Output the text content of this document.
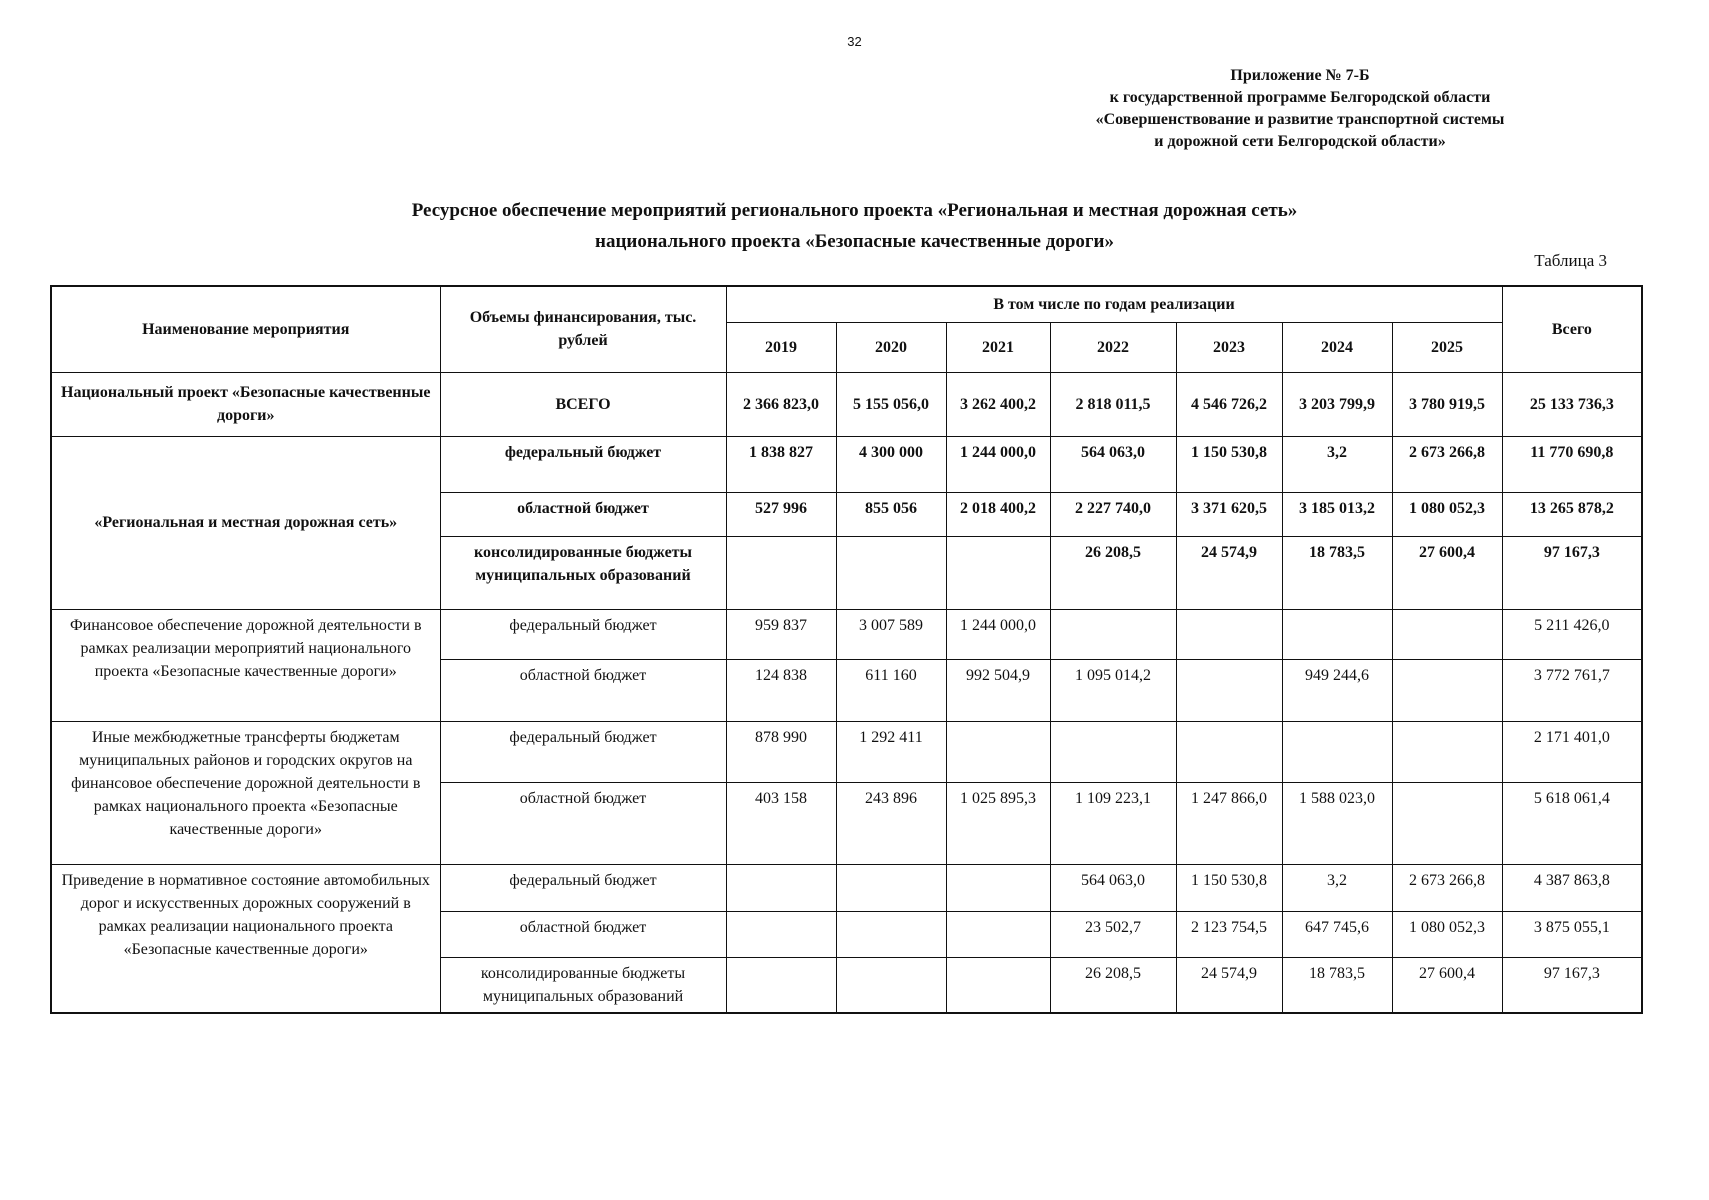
32
Приложение № 7-Б
к государственной программе Белгородской области
«Совершенствование и развитие транспортной системы
и дорожной сети Белгородской области»
Ресурсное обеспечение мероприятий регионального проекта «Региональная и местная дорожная сеть»
национального проекта «Безопасные качественные дороги»
Таблица 3
Наименование мероприятия	Объемы финансирования, тыс. рублей	В том числе по годам реализации							Всего
		2019	2020	2021	2022	2023	2024	2025	
Национальный проект «Безопасные качественные дороги»	ВСЕГО	2 366 823,0	5 155 056,0	3 262 400,2	2 818 011,5	4 546 726,2	3 203 799,9	3 780 919,5	25 133 736,3
«Региональная и местная дорожная сеть»	федеральный бюджет	1 838 827	4 300 000	1 244 000,0	564 063,0	1 150 530,8	3,2	2 673 266,8	11 770 690,8
	областной бюджет	527 996	855 056	2 018 400,2	2 227 740,0	3 371 620,5	3 185 013,2	1 080 052,3	13 265 878,2
	консолидированные бюджеты муниципальных образований				26 208,5	24 574,9	18 783,5	27 600,4	97 167,3
Финансовое обеспечение дорожной деятельности в рамках реализации мероприятий национального проекта «Безопасные качественные дороги»	федеральный бюджет	959 837	3 007 589	1 244 000,0					5 211 426,0
	областной бюджет	124 838	611 160	992 504,9	1 095 014,2		949 244,6		3 772 761,7
Иные межбюджетные трансферты бюджетам муниципальных районов и городских округов на финансовое обеспечение дорожной деятельности в рамках национального проекта «Безопасные качественные дороги»	федеральный бюджет	878 990	1 292 411						2 171 401,0
	областной бюджет	403 158	243 896	1 025 895,3	1 109 223,1	1 247 866,0	1 588 023,0		5 618 061,4
Приведение в нормативное состояние автомобильных дорог и искусственных дорожных сооружений в рамках реализации национального проекта «Безопасные качественные дороги»	федеральный бюджет				564 063,0	1 150 530,8	3,2	2 673 266,8	4 387 863,8
	областной бюджет				23 502,7	2 123 754,5	647 745,6	1 080 052,3	3 875 055,1
	консолидированные бюджеты муниципальных образований				26 208,5	24 574,9	18 783,5	27 600,4	97 167,3
